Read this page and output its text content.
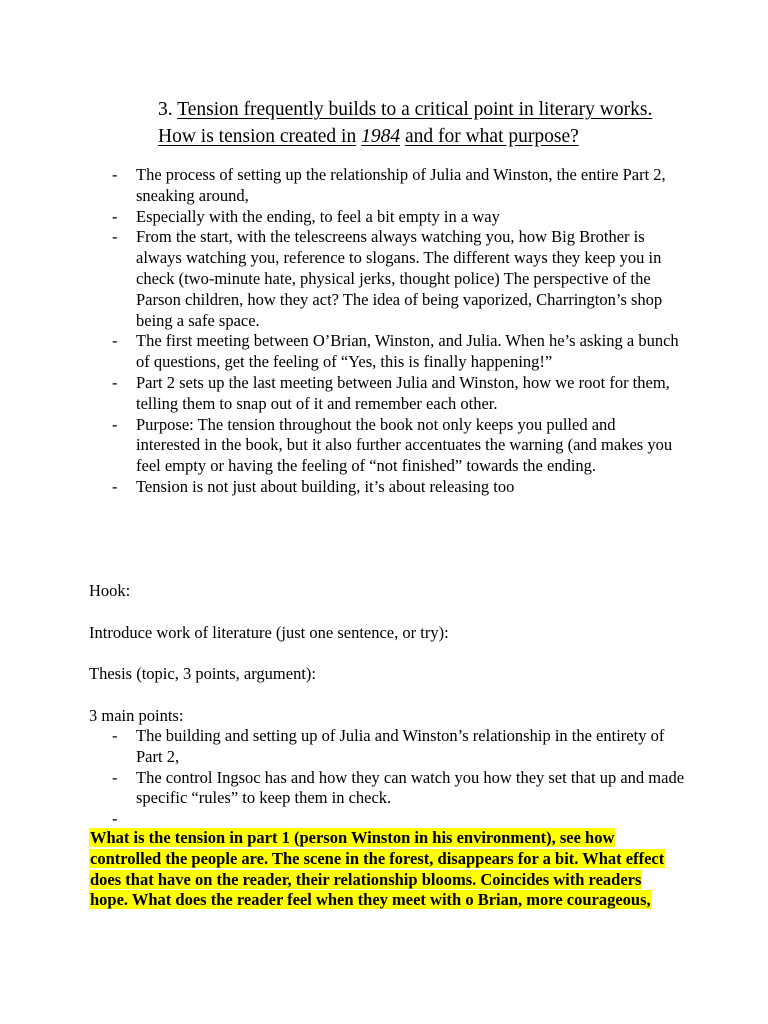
3. Tension frequently builds to a critical point in literary works.
How is tension created in 1984 and for what purpose?
- The process of setting up the relationship of Julia and Winston, the entire Part 2, sneaking around,
- Especially with the ending, to feel a bit empty in a way
- From the start, with the telescreens always watching you, how Big Brother is always watching you, reference to slogans. The different ways they keep you in check (two-minute hate, physical jerks, thought police) The perspective of the Parson children, how they act? The idea of being vaporized, Charrington’s shop being a safe space.
- The first meeting between O’Brian, Winston, and Julia. When he’s asking a bunch of questions, get the feeling of “Yes, this is finally happening!”
- Part 2 sets up the last meeting between Julia and Winston, how we root for them, telling them to snap out of it and remember each other.
- Purpose: The tension throughout the book not only keeps you pulled and interested in the book, but it also further accentuates the warning (and makes you feel empty or having the feeling of “not finished” towards the ending.
- Tension is not just about building, it’s about releasing too
Hook:
Introduce work of literature (just one sentence, or try):
Thesis (topic, 3 points, argument):
3 main points:
- The building and setting up of Julia and Winston’s relationship in the entirety of Part 2,
- The control Ingsoc has and how they can watch you how they set that up and made specific “rules” to keep them in check.
-

What is the tension in part 1 (person Winston in his environment), see how controlled the people are. The scene in the forest, disappears for a bit. What effect does that have on the reader, their relationship blooms. Coincides with readers hope. What does the reader feel when they meet with o Brian, more courageous,
